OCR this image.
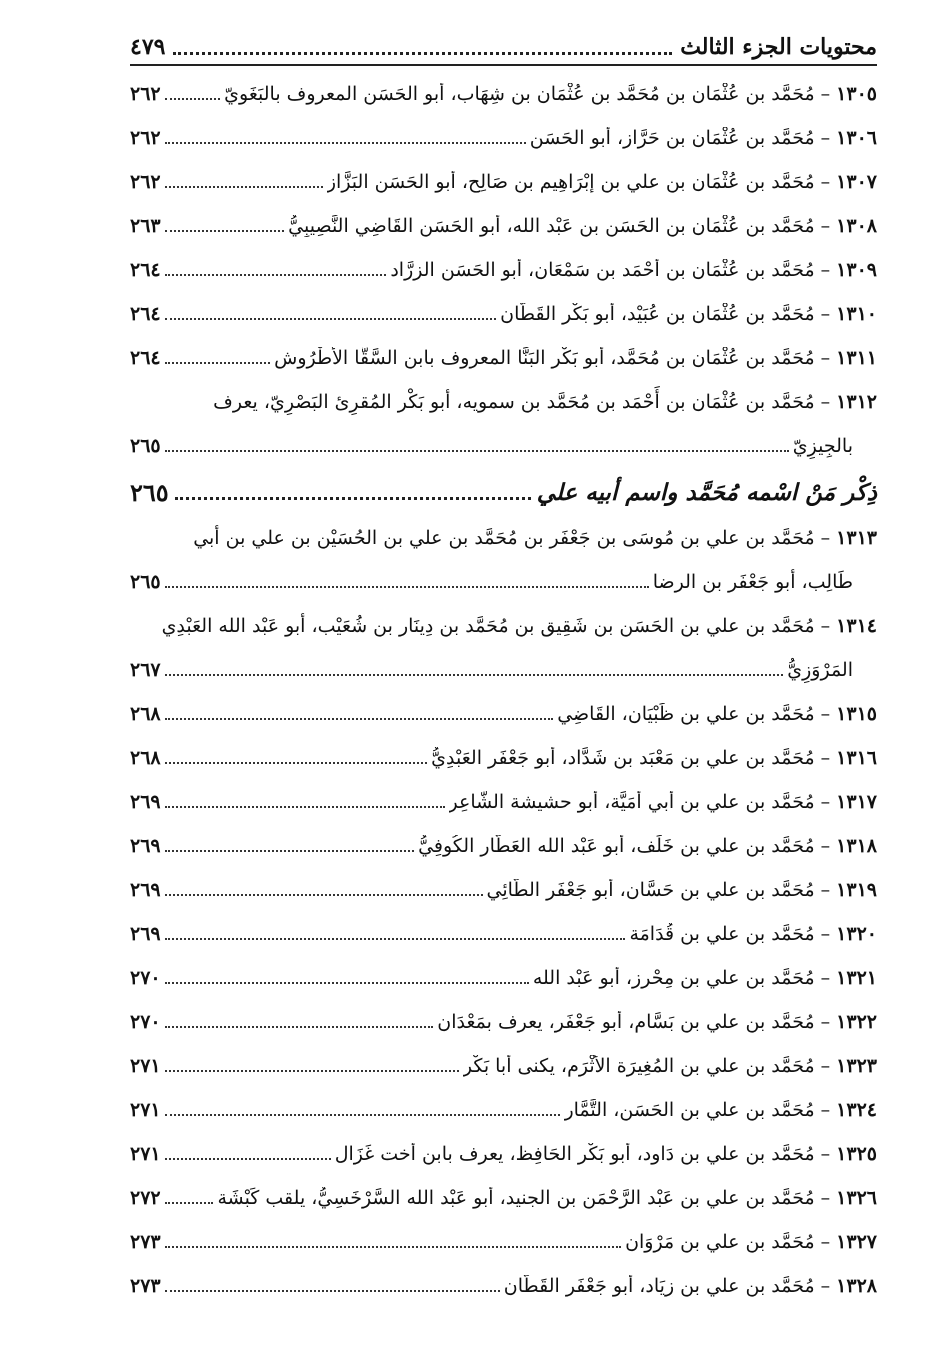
محتويات الجزء الثالث
٤٧٩
١٣٠٥
–
مُحَمَّد بن عُثْمَان بن مُحَمَّد بن عُثْمَان بن شِهَاب، أبو الحَسَن المعروف بالبَغَوِيّ
٢٦٢
١٣٠٦
–
مُحَمَّد بن عُثْمَان بن حَرَّاز، أبو الحَسَن
٢٦٢
١٣٠٧
–
مُحَمَّد بن عُثْمَان بن علي بن إِبْرَاهِيم بن صَالِح، أبو الحَسَن البَزَّاز
٢٦٢
١٣٠٨
–
مُحَمَّد بن عُثْمَان بن الحَسَن بن عَبْد الله، أبو الحَسَن القَاضِي النَّصِيبِيُّ
٢٦٣
١٣٠٩
–
مُحَمَّد بن عُثْمَان بن أَحْمَد بن سَمْعَان، أبو الحَسَن الزرَّاد
٢٦٤
١٣١٠
–
مُحَمَّد بن عُثْمَان بن عُبَيْد، أبو بَكْر القَطَّان
٢٦٤
١٣١١
–
مُحَمَّد بن عُثْمَان بن مُحَمَّد، أبو بَكْر البَنَّا المعروف بابن السَّقَّا الأَطْرُوش
٢٦٤
١٣١٢
–
مُحَمَّد بن عُثْمَان بن أَحْمَد بن مُحَمَّد بن سمويه، أبو بَكْر المُقرِئ البَصْرِيّ، يعرف
بالجِيزِيّ
٢٦٥
ذِكْر مَنْ اسْمه مُحَمَّد واسم أبيه علي
٢٦٥
١٣١٣
–
مُحَمَّد بن علي بن مُوسَى بن جَعْفَر بن مُحَمَّد بن علي بن الحُسَيْن بن علي بن أبي
طَالِب، أبو جَعْفَر بن الرضا
٢٦٥
١٣١٤
–
مُحَمَّد بن علي بن الحَسَن بن شَقِيق بن مُحَمَّد بن دِينَار بن شُعَيْب، أبو عَبْد الله العَبْدِي
المَرْوَزِيُّ
٢٦٧
١٣١٥
–
مُحَمَّد بن علي بن ظَبْيَان، القَاضِي
٢٦٨
١٣١٦
–
مُحَمَّد بن علي بن مَعْبَد بن شَدَّاد، أبو جَعْفَر العَبْدِيُّ
٢٦٨
١٣١٧
–
مُحَمَّد بن علي بن أبي أُمَيَّة، أبو حشيشة الشَّاعِر
٢٦٩
١٣١٨
–
مُحَمَّد بن علي بن خَلَف، أبو عَبْد الله العَطَّار الكُوفِيُّ
٢٦٩
١٣١٩
–
مُحَمَّد بن علي بن حَسَّان، أبو جَعْفَر الطَّائِي
٢٦٩
١٣٢٠
–
مُحَمَّد بن علي بن قُدَامَة
٢٦٩
١٣٢١
–
مُحَمَّد بن علي بن مِحْرِز، أبو عَبْد الله
٢٧٠
١٣٢٢
–
مُحَمَّد بن علي بن بَسَّام، أبو جَعْفَر، يعرف بمَعْدَان
٢٧٠
١٣٢٣
–
مُحَمَّد بن علي بن المُغِيرَة الأَثْرَم، يكنى أبا بَكْر
٢٧١
١٣٢٤
–
مُحَمَّد بن علي بن الحَسَن، التَّمَّار
٢٧١
١٣٢٥
–
مُحَمَّد بن علي بن دَاود، أبو بَكْر الحَافِظ، يعرف بابن أخت غَزَال
٢٧١
١٣٢٦
–
مُحَمَّد بن علي بن عَبْد الرَّحْمَن بن الجنيد، أبو عَبْد الله السَّرْخَسِيُّ، يلقب كَبْشَة
٢٧٢
١٣٢٧
–
مُحَمَّد بن علي بن مَرْوَان
٢٧٣
١٣٢٨
–
مُحَمَّد بن علي بن زِيَاد، أبو جَعْفَر القَطَّان
٢٧٣
